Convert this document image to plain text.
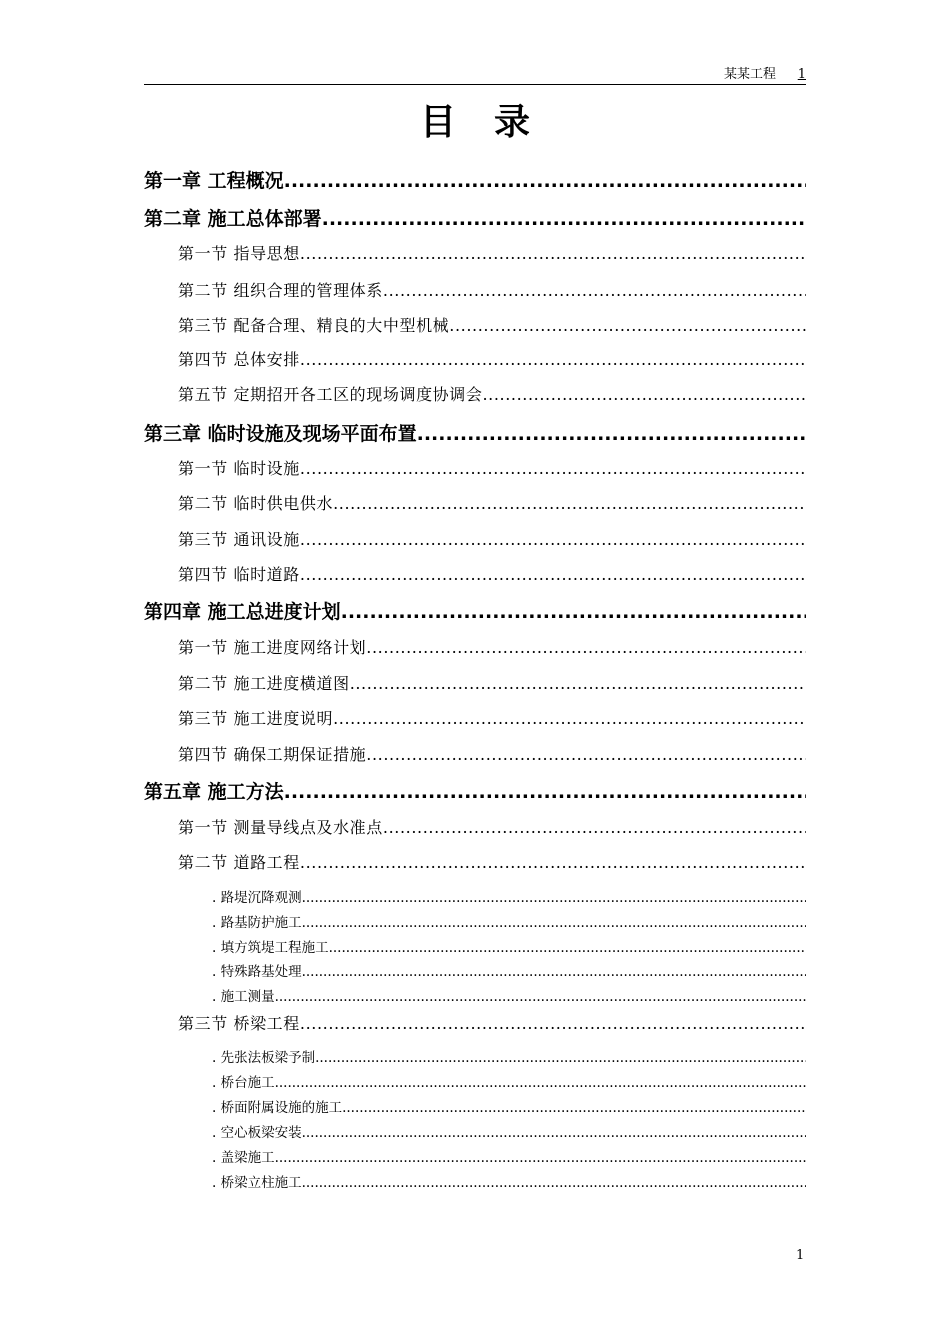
某某工程 1
目录
第一章 工程概况
.....
第二章 施工总体部署
.....
第一节 指导思想
.....
第二节 组织合理的管理体系
.....
第三节 配备合理、精良的大中型机械
.....
第四节 总体安排
.....
第五节 定期招开各工区的现场调度协调会
.....
第三章 临时设施及现场平面布置
.....
第一节 临时设施
.....
第二节 临时供电供水
.....
第三节 通讯设施
.....
第四节 临时道路
.....
第四章 施工总进度计划
.....
第一节 施工进度网络计划
.....
第二节 施工进度横道图
.....
第三节 施工进度说明
.....
第四节 确保工期保证措施
.....
第五章 施工方法
.....
第一节 测量导线点及水准点
.....
第二节 道路工程
.....
. 路堤沉降观测
.....
. 路基防护施工
.....
. 填方筑堤工程施工
.....
. 特殊路基处理
.....
. 施工测量
.....
第三节 桥梁工程
.....
. 先张法板梁予制
.....
. 桥台施工
.....
. 桥面附属设施的施工
.....
. 空心板梁安装
.....
. 盖梁施工
.....
. 桥梁立柱施工
.....
1
